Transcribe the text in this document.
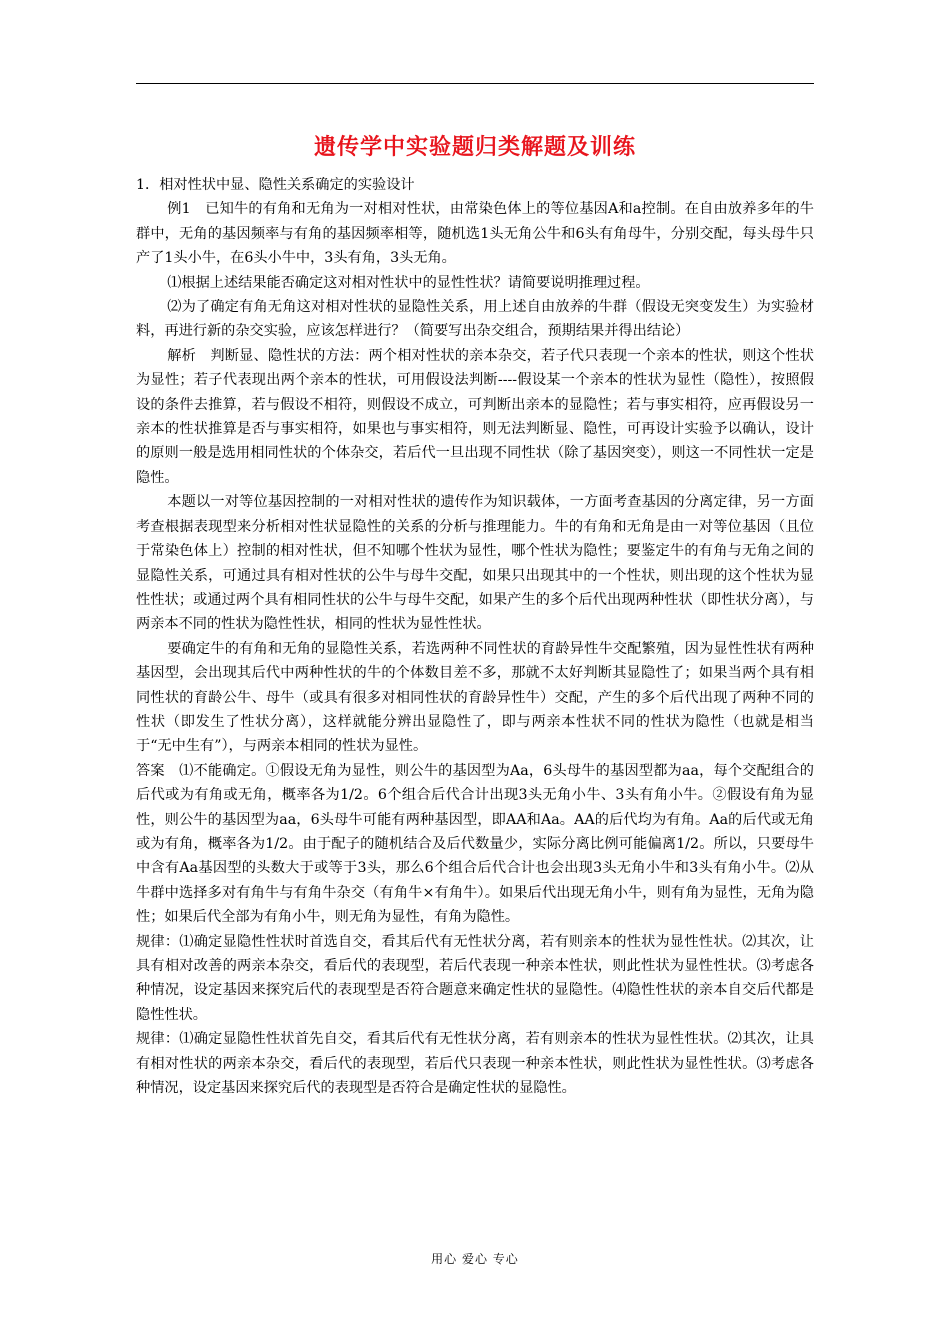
遗传学中实验题归类解题及训练

1．相对性状中显、隐性关系确定的实验设计

例1　已知牛的有角和无角为一对相对性状，由常染色体上的等位基因A和a控制。在自由放养多年的牛群中，无角的基因频率与有角的基因频率相等，随机选1头无角公牛和6头有角母牛，分别交配，每头母牛只产了1头小牛，在6头小牛中，3头有角，3头无角。

⑴根据上述结果能否确定这对相对性状中的显性性状？请简要说明推理过程。

⑵为了确定有角无角这对相对性状的显隐性关系，用上述自由放养的牛群（假设无突变发生）为实验材料，再进行新的杂交实验，应该怎样进行？（简要写出杂交组合，预期结果并得出结论）

解析　判断显、隐性状的方法：两个相对性状的亲本杂交，若子代只表现一个亲本的性状，则这个性状为显性；若子代表现出两个亲本的性状，可用假设法判断----假设某一个亲本的性状为显性（隐性），按照假设的条件去推算，若与假设不相符，则假设不成立，可判断出亲本的显隐性；若与事实相符，应再假设另一亲本的性状推算是否与事实相符，如果也与事实相符，则无法判断显、隐性，可再设计实验予以确认，设计的原则一般是选用相同性状的个体杂交，若后代一旦出现不同性状（除了基因突变），则这一不同性状一定是隐性。

本题以一对等位基因控制的一对相对性状的遗传作为知识载体，一方面考查基因的分离定律，另一方面考查根据表现型来分析相对性状显隐性的关系的分析与推理能力。牛的有角和无角是由一对等位基因（且位于常染色体上）控制的相对性状，但不知哪个性状为显性，哪个性状为隐性；要鉴定牛的有角与无角之间的显隐性关系，可通过具有相对性状的公牛与母牛交配，如果只出现其中的一个性状，则出现的这个性状为显性性状；或通过两个具有相同性状的公牛与母牛交配，如果产生的多个后代出现两种性状（即性状分离），与两亲本不同的性状为隐性性状，相同的性状为显性性状。

要确定牛的有角和无角的显隐性关系，若选两种不同性状的育龄异性牛交配繁殖，因为显性性状有两种基因型，会出现其后代中两种性状的牛的个体数目差不多，那就不太好判断其显隐性了；如果当两个具有相同性状的育龄公牛、母牛（或具有很多对相同性状的育龄异性牛）交配，产生的多个后代出现了两种不同的性状（即发生了性状分离），这样就能分辨出显隐性了，即与两亲本性状不同的性状为隐性（也就是相当于“无中生有”），与两亲本相同的性状为显性。

答案　⑴不能确定。①假设无角为显性，则公牛的基因型为Aa，6头母牛的基因型都为aa，每个交配组合的后代或为有角或无角，概率各为1/2。6个组合后代合计出现3头无角小牛、3头有角小牛。②假设有角为显性，则公牛的基因型为aa，6头母牛可能有两种基因型，即AA和Aa。AA的后代均为有角。Aa的后代或无角或为有角，概率各为1/2。由于配子的随机结合及后代数量少，实际分离比例可能偏离1/2。所以，只要母牛中含有Aa基因型的头数大于或等于3头，那么6个组合后代合计也会出现3头无角小牛和3头有角小牛。⑵从牛群中选择多对有角牛与有角牛杂交（有角牛×有角牛）。如果后代出现无角小牛，则有角为显性，无角为隐性；如果后代全部为有角小牛，则无角为显性，有角为隐性。

规律：⑴确定显隐性性状时首选自交，看其后代有无性状分离，若有则亲本的性状为显性性状。⑵其次，让具有相对改善的两亲本杂交，看后代的表现型，若后代表现一种亲本性状，则此性状为显性性状。⑶考虑各种情况，设定基因来探究后代的表现型是否符合题意来确定性状的显隐性。⑷隐性性状的亲本自交后代都是隐性性状。

规律：⑴确定显隐性性状首先自交，看其后代有无性状分离，若有则亲本的性状为显性性状。⑵其次，让具有相对性状的两亲本杂交，看后代的表现型，若后代只表现一种亲本性状，则此性状为显性性状。⑶考虑各种情况，设定基因来探究后代的表现型是否符合是确定性状的显隐性。

用心 爱心 专心
